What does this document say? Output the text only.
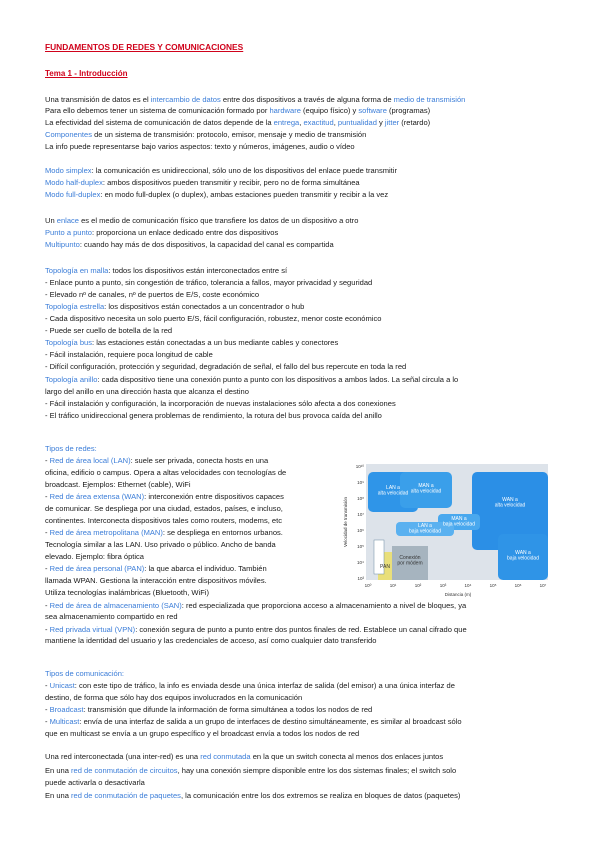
FUNDAMENTOS DE REDES Y COMUNICACIONES
Tema 1 - Introducción
Una transmisión de datos es el intercambio de datos entre dos dispositivos a través de alguna forma de medio de transmisión
Para ello debemos tener un sistema de comunicación formado por hardware (equipo físico) y software (programas)
La efectividad del sistema de comunicación de datos depende de la entrega, exactitud, puntualidad y jitter (retardo)
Componentes de un sistema de transmisión: protocolo, emisor, mensaje y medio de transmisión
La info puede representarse bajo varios aspectos: texto y números, imágenes, audio o vídeo
Modo simplex: la comunicación es unidireccional, sólo uno de los dispositivos del enlace puede transmitir
Modo half-duplex: ambos dispositivos pueden transmitir y recibir, pero no de forma simultánea
Modo full-duplex: en modo full-duplex (o duplex), ambas estaciones pueden transmitir y recibir a la vez
Un enlace es el medio de comunicación físico que transfiere los datos de un dispositivo a otro
Punto a punto: proporciona un enlace dedicado entre dos dispositivos
Multipunto: cuando hay más de dos dispositivos, la capacidad del canal es compartida
Topología en malla: todos los dispositivos están interconectados entre sí
- Enlace punto a punto, sin congestión de tráfico, tolerancia a fallos, mayor privacidad y seguridad
- Elevado nº de canales, nº de puertos de E/S, coste económico
Topología estrella: los dispositivos están conectados a un concentrador o hub
- Cada dispositivo necesita un solo puerto E/S, fácil configuración, robustez, menor coste económico
- Puede ser cuello de botella de la red
Topología bus: las estaciones están conectadas a un bus mediante cables y conectores
- Fácil instalación, requiere poca longitud de cable
- Difícil configuración, protección y seguridad, degradación de señal, el fallo del bus repercute en toda la red
Topología anillo: cada dispositivo tiene una conexión punto a punto con los dispositivos a ambos lados. La señal circula a lo
largo del anillo en una dirección hasta que alcanza el destino
- Fácil instalación y configuración, la incorporación de nuevas instalaciones sólo afecta a dos conexiones
- El tráfico unidireccional genera problemas de rendimiento, la rotura del bus provoca caída del anillo
Tipos de redes:
- Red de área local (LAN): suele ser privada, conecta hosts en una
oficina, edificio o campus. Opera a altas velocidades con tecnologías de
broadcast. Ejemplos: Ethernet (cable), WiFi
- Red de área extensa (WAN): interconexión entre dispositivos capaces
de comunicar. Se despliega por una ciudad, estados, países, e incluso,
continentes. Interconecta dispositivos tales como routers, modems, etc
- Red de área metropolitana (MAN): se despliega en entornos urbanos.
Tecnología similar a las LAN. Uso privado o público. Ancho de banda
elevado. Ejemplo: fibra óptica
- Red de área personal (PAN): la que abarca el individuo. También
llamada WPAN. Gestiona la interacción entre dispositivos móviles.
Utiliza tecnologías inalámbricas (Bluetooth, WiFi)
- Red de área de almacenamiento (SAN): red especializada que proporciona acceso a almacenamiento a nivel de bloques, ya
sea almacenamiento compartido en red
- Red privada virtual (VPN): conexión segura de punto a punto entre dos puntos finales de red. Establece un canal cifrado que
mantiene la identidad del usuario y las credenciales de acceso, así como cualquier dato transferido
Tipos de comunicación:
- Unicast: con este tipo de tráfico, la info es enviada desde una única interfaz de salida (del emisor) a una única interfaz de
destino, de forma que sólo hay dos equipos involucrados en la comunicación
- Broadcast: transmisión que difunde la información de forma simultánea a todos los nodos de red
- Multicast: envía de una interfaz de salida a un grupo de interfaces de destino simultáneamente, es similar al broadcast sólo
que en multicast se envía a un grupo específico y el broadcast envía a todos los nodos de red
Una red interconectada (una inter-red) es una red conmutada en la que un switch conecta al menos dos enlaces juntos
En una red de conmutación de circuitos, hay una conexión siempre disponible entre los dos sistemas finales; el switch solo
puede activarla o desactivarla
En una red de conmutación de paquetes, la comunicación entre los dos extremos se realiza en bloques de datos (paquetes)
LAN a
alta velocidad
MAN a
alta velocidad
WAN a
alta velocidad
MAN a
baja velocidad
LAN a
baja velocidad
WAN a
baja velocidad
PAN
Conexión
por módem
10⁰	10¹	10²	10³	10⁴	10⁵	10⁶	10⁷
10¹⁰
10⁹
10⁸
10⁷
10⁶
10⁵
10⁴
10³
Distancia (m)
Velocidad de transmisión
